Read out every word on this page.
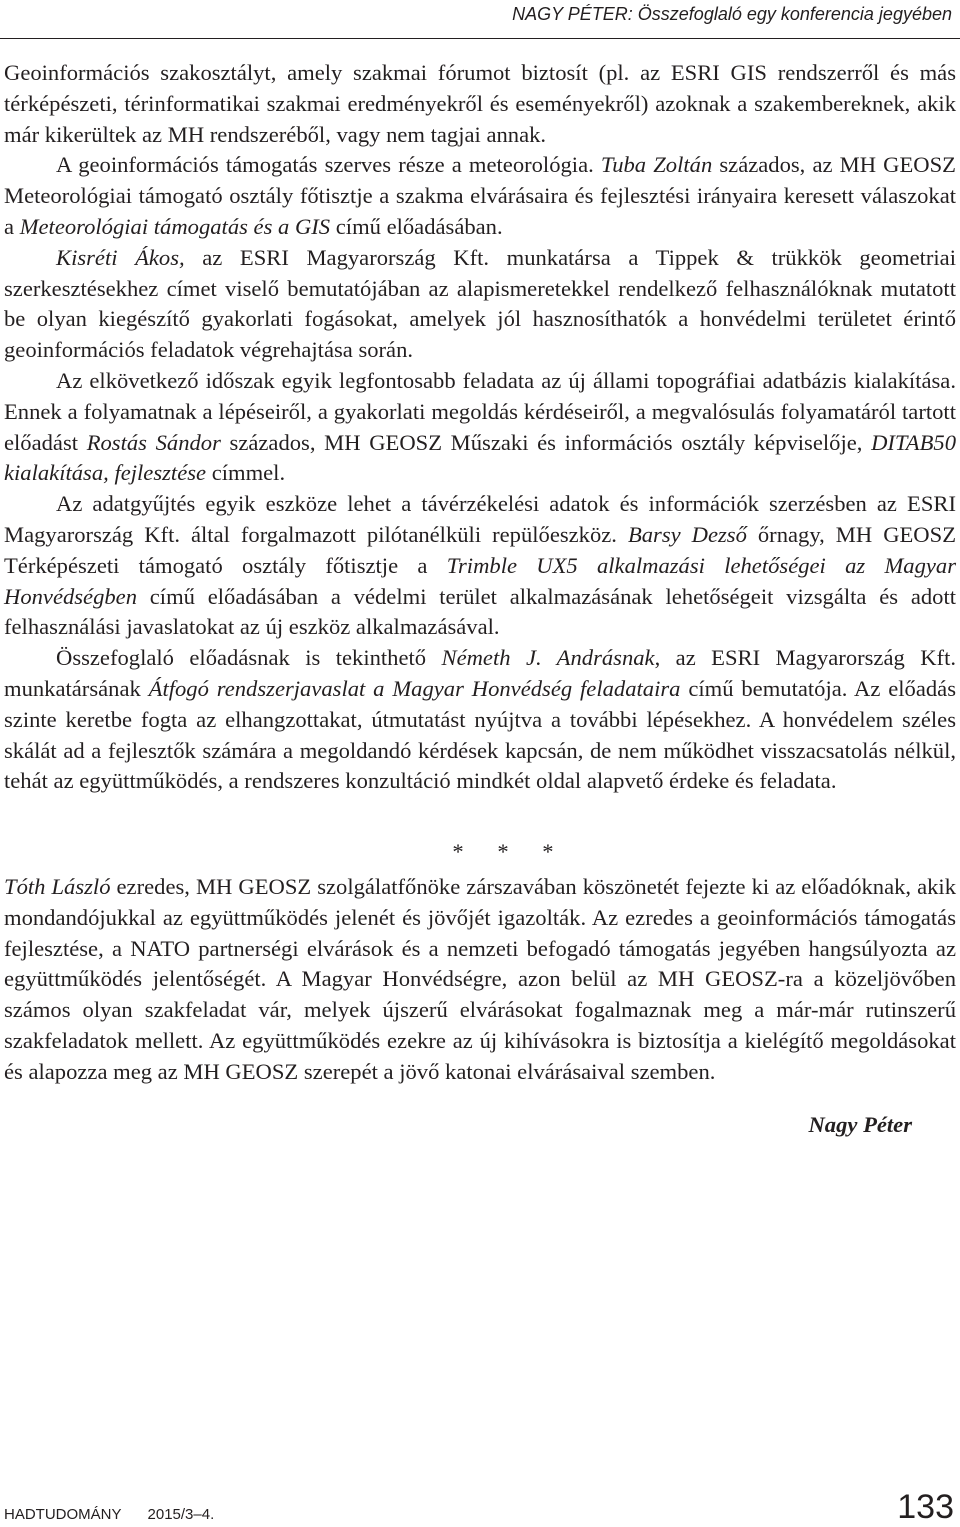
NAGY PÉTER: Összefoglaló egy konferencia jegyében

Geoinformációs szakosztályt, amely szakmai fórumot biztosít (pl. az ESRI GIS rendszerről és más térképészeti, térinformatikai szakmai eredményekről és eseményekről) azoknak a szakembereknek, akik már kikerültek az MH rendszeréből, vagy nem tagjai annak.

A geoinformációs támogatás szerves része a meteorológia. Tuba Zoltán százados, az MH GEOSZ Meteorológiai támogató osztály főtisztje a szakma elvárásaira és fejlesztési irányaira keresett válaszokat a Meteorológiai támogatás és a GIS című előadásában.

Kisréti Ákos, az ESRI Magyarország Kft. munkatársa a Tippek & trükkök geometriai szerkesztésekhez címet viselő bemutatójában az alapismeretekkel rendelkező felhasználóknak mutatott be olyan kiegészítő gyakorlati fogásokat, amelyek jól hasznosíthatók a honvédelmi területet érintő geoinformációs feladatok végrehajtása során.

Az elkövetkező időszak egyik legfontosabb feladata az új állami topográfiai adatbázis kialakítása. Ennek a folyamatnak a lépéseiről, a gyakorlati megoldás kérdéseiről, a megvalósulás folyamatáról tartott előadást Rostás Sándor százados, MH GEOSZ Műszaki és információs osztály képviselője, DITAB50 kialakítása, fejlesztése címmel.

Az adatgyűjtés egyik eszköze lehet a távérzékelési adatok és információk szerzésben az ESRI Magyarország Kft. által forgalmazott pilótanélküli repülőeszköz. Barsy Dezső őrnagy, MH GEOSZ Térképészeti támogató osztály főtisztje a Trimble UX5 alkalmazási lehetőségei az Magyar Honvédségben című előadásában a védelmi terület alkalmazásának lehetőségeit vizsgálta és adott felhasználási javaslatokat az új eszköz alkalmazásával.

Összefoglaló előadásnak is tekinthető Németh J. Andrásnak, az ESRI Magyarország Kft. munkatársának Átfogó rendszerjavaslat a Magyar Honvédség feladataira című bemutatója. Az előadás szinte keretbe fogta az elhangzottakat, útmutatást nyújtva a további lépésekhez. A honvédelem széles skálát ad a fejlesztők számára a megoldandó kérdések kapcsán, de nem működhet visszacsatolás nélkül, tehát az együttműködés, a rendszeres konzultáció mindkét oldal alapvető érdeke és feladata.

* * *

Tóth László ezredes, MH GEOSZ szolgálatfőnöke zárszavában köszönetét fejezte ki az előadóknak, akik mondandójukkal az együttműködés jelenét és jövőjét igazolták. Az ezredes a geoinformációs támogatás fejlesztése, a NATO partnerségi elvárások és a nemzeti befogadó támogatás jegyében hangsúlyozta az együttműködés jelentőségét. A Magyar Honvédségre, azon belül az MH GEOSZ-ra a közeljövőben számos olyan szakfeladat vár, melyek újszerű elvárásokat fogalmaznak meg a már-már rutinszerű szakfeladatok mellett. Az együttműködés ezekre az új kihívásokra is biztosítja a kielégítő megoldásokat és alapozza meg az MH GEOSZ szerepét a jövő katonai elvárásaival szemben.

Nagy Péter
HADTUDOMÁNY 2015/3–4.	133
